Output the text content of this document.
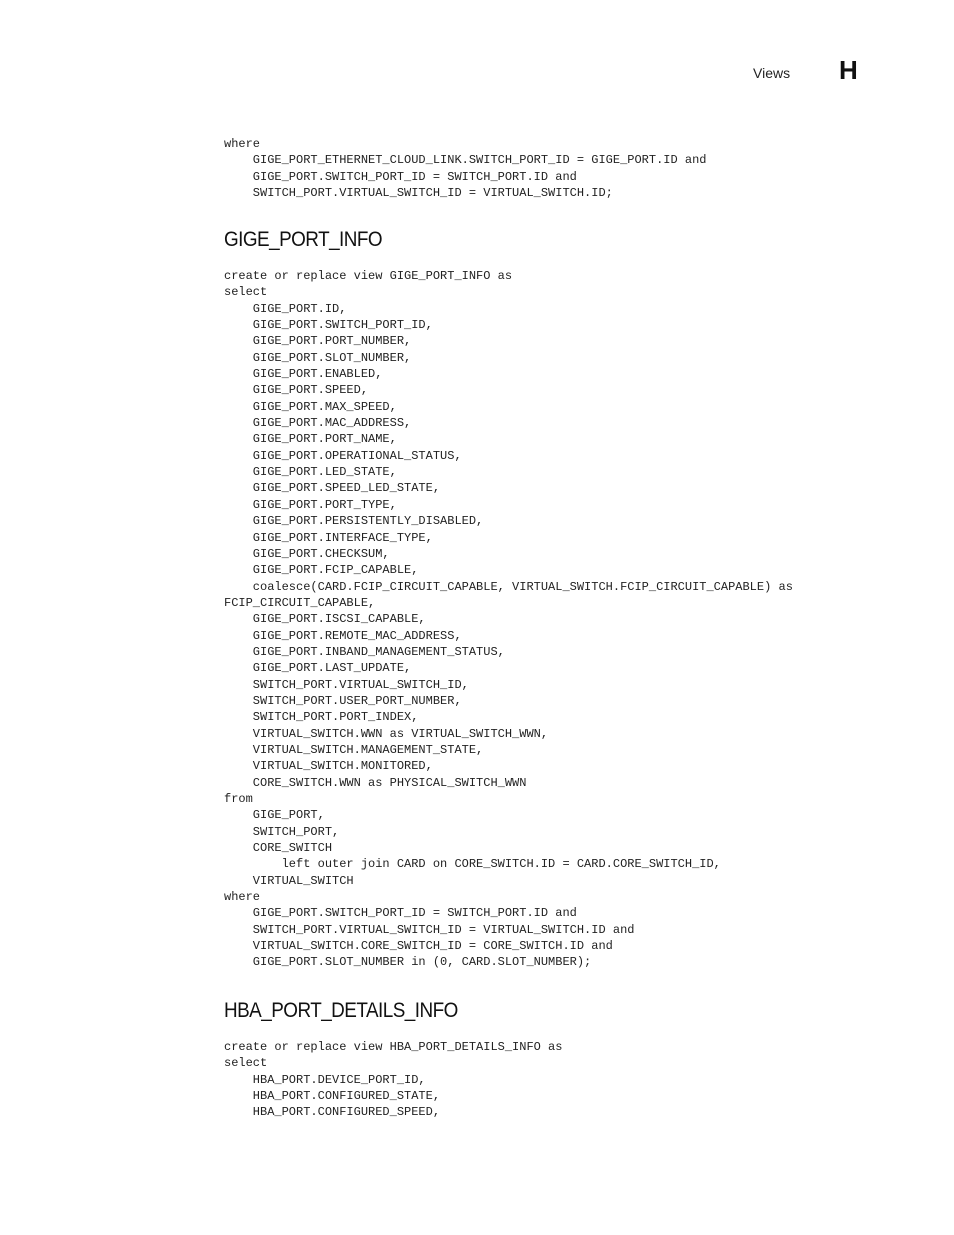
Views H
where
GIGE_PORT_ETHERNET_CLOUD_LINK.SWITCH_PORT_ID = GIGE_PORT.ID and
GIGE_PORT.SWITCH_PORT_ID = SWITCH_PORT.ID and
SWITCH_PORT.VIRTUAL_SWITCH_ID = VIRTUAL_SWITCH.ID;
GIGE_PORT_INFO
create or replace view GIGE_PORT_INFO as
select
GIGE_PORT.ID,
GIGE_PORT.SWITCH_PORT_ID,
GIGE_PORT.PORT_NUMBER,
GIGE_PORT.SLOT_NUMBER,
GIGE_PORT.ENABLED,
GIGE_PORT.SPEED,
GIGE_PORT.MAX_SPEED,
GIGE_PORT.MAC_ADDRESS,
GIGE_PORT.PORT_NAME,
GIGE_PORT.OPERATIONAL_STATUS,
GIGE_PORT.LED_STATE,
GIGE_PORT.SPEED_LED_STATE,
GIGE_PORT.PORT_TYPE,
GIGE_PORT.PERSISTENTLY_DISABLED,
GIGE_PORT.INTERFACE_TYPE,
GIGE_PORT.CHECKSUM,
GIGE_PORT.FCIP_CAPABLE,
coalesce(CARD.FCIP_CIRCUIT_CAPABLE, VIRTUAL_SWITCH.FCIP_CIRCUIT_CAPABLE) as
FCIP_CIRCUIT_CAPABLE,
GIGE_PORT.ISCSI_CAPABLE,
GIGE_PORT.REMOTE_MAC_ADDRESS,
GIGE_PORT.INBAND_MANAGEMENT_STATUS,
GIGE_PORT.LAST_UPDATE,
SWITCH_PORT.VIRTUAL_SWITCH_ID,
SWITCH_PORT.USER_PORT_NUMBER,
SWITCH_PORT.PORT_INDEX,
VIRTUAL_SWITCH.WWN as VIRTUAL_SWITCH_WWN,
VIRTUAL_SWITCH.MANAGEMENT_STATE,
VIRTUAL_SWITCH.MONITORED,
CORE_SWITCH.WWN as PHYSICAL_SWITCH_WWN
from
GIGE_PORT,
SWITCH_PORT,
CORE_SWITCH
left outer join CARD on CORE_SWITCH.ID = CARD.CORE_SWITCH_ID,
VIRTUAL_SWITCH
where
GIGE_PORT.SWITCH_PORT_ID = SWITCH_PORT.ID and
SWITCH_PORT.VIRTUAL_SWITCH_ID = VIRTUAL_SWITCH.ID and
VIRTUAL_SWITCH.CORE_SWITCH_ID = CORE_SWITCH.ID and
GIGE_PORT.SLOT_NUMBER in (0, CARD.SLOT_NUMBER);
HBA_PORT_DETAILS_INFO
create or replace view HBA_PORT_DETAILS_INFO as
select
HBA_PORT.DEVICE_PORT_ID,
HBA_PORT.CONFIGURED_STATE,
HBA_PORT.CONFIGURED_SPEED,
